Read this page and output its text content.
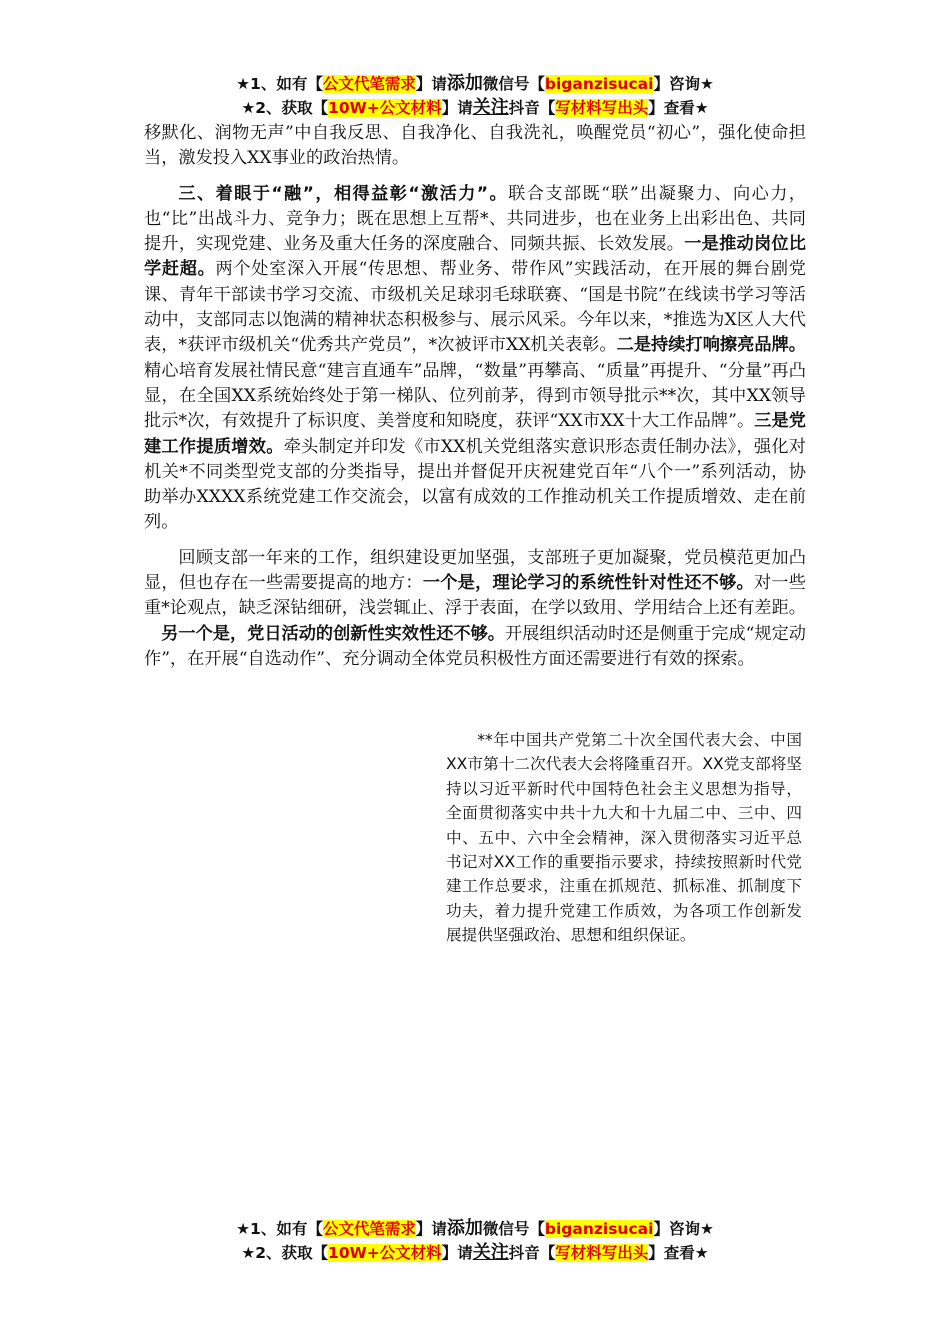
★1、如有【公文代笔需求】请添加微信号【biganzisucai】咨询★
★2、获取【10W+公文材料】请关注抖音【写材料写出头】查看★

移默化、润物无声”中自我反思、自我净化、自我洗礼，唤醒党员“初心”，强化使命担当，激发投入XX事业的政治热情。

三、着眼于“融”，相得益彰“激活力”。联合支部既“联”出凝聚力、向心力，也“比”出战斗力、竞争力；既在思想上互帮*、共同进步，也在业务上出彩出色、共同提升，实现党建、业务及重大任务的深度融合、同频共振、长效发展。一是推动岗位比学赶超。两个处室深入开展“传思想、帮业务、带作风”实践活动，在开展的舞台剧党课、青年干部读书学习交流、市级机关足球羽毛球联赛、“国是书院”在线读书学习等活动中，支部同志以饱满的精神状态积极参与、展示风采。今年以来，*推选为X区人大代表，*获评市级机关“优秀共产党员”，*次被评市XX机关表彰。二是持续打响擦亮品牌。精心培育发展社情民意“建言直通车”品牌，“数量”再攀高、“质量”再提升、“分量”再凸显，在全国XX系统始终处于第一梯队、位列前茅，得到市领导批示**次，其中XX领导批示*次，有效提升了标识度、美誉度和知晓度，获评“XX市XX十大工作品牌”。三是党建工作提质增效。牵头制定并印发《市XX机关党组落实意识形态责任制办法》，强化对机关*不同类型党支部的分类指导，提出并督促开庆祝建党百年“八个一”系列活动，协助举办XXXX系统党建工作交流会，以富有成效的工作推动机关工作提质增效、走在前列。

回顾支部一年来的工作，组织建设更加坚强，支部班子更加凝聚，党员模范更加凸显，但也存在一些需要提高的地方：一个是，理论学习的系统性针对性还不够。对一些重*论观点，缺乏深钻细研，浅尝辄止、浮于表面，在学以致用、学用结合上还有差距。另一个是，党日活动的创新性实效性还不够。开展组织活动时还是侧重于完成“规定动作”，在开展“自选动作”、充分调动全体党员积极性方面还需要进行有效的探索。

**年中国共产党第二十次全国代表大会、中国XX市第十二次代表大会将隆重召开。XX党支部将坚持以习近平新时代中国特色社会主义思想为指导，全面贯彻落实中共十九大和十九届二中、三中、四中、五中、六中全会精神，深入贯彻落实习近平总书记对XX工作的重要指示要求，持续按照新时代党建工作总要求，注重在抓规范、抓标准、抓制度下功夫，着力提升党建工作质效，为各项工作创新发展提供坚强政治、思想和组织保证。

★1、如有【公文代笔需求】请添加微信号【biganzisucai】咨询★
★2、获取【10W+公文材料】请关注抖音【写材料写出头】查看★
